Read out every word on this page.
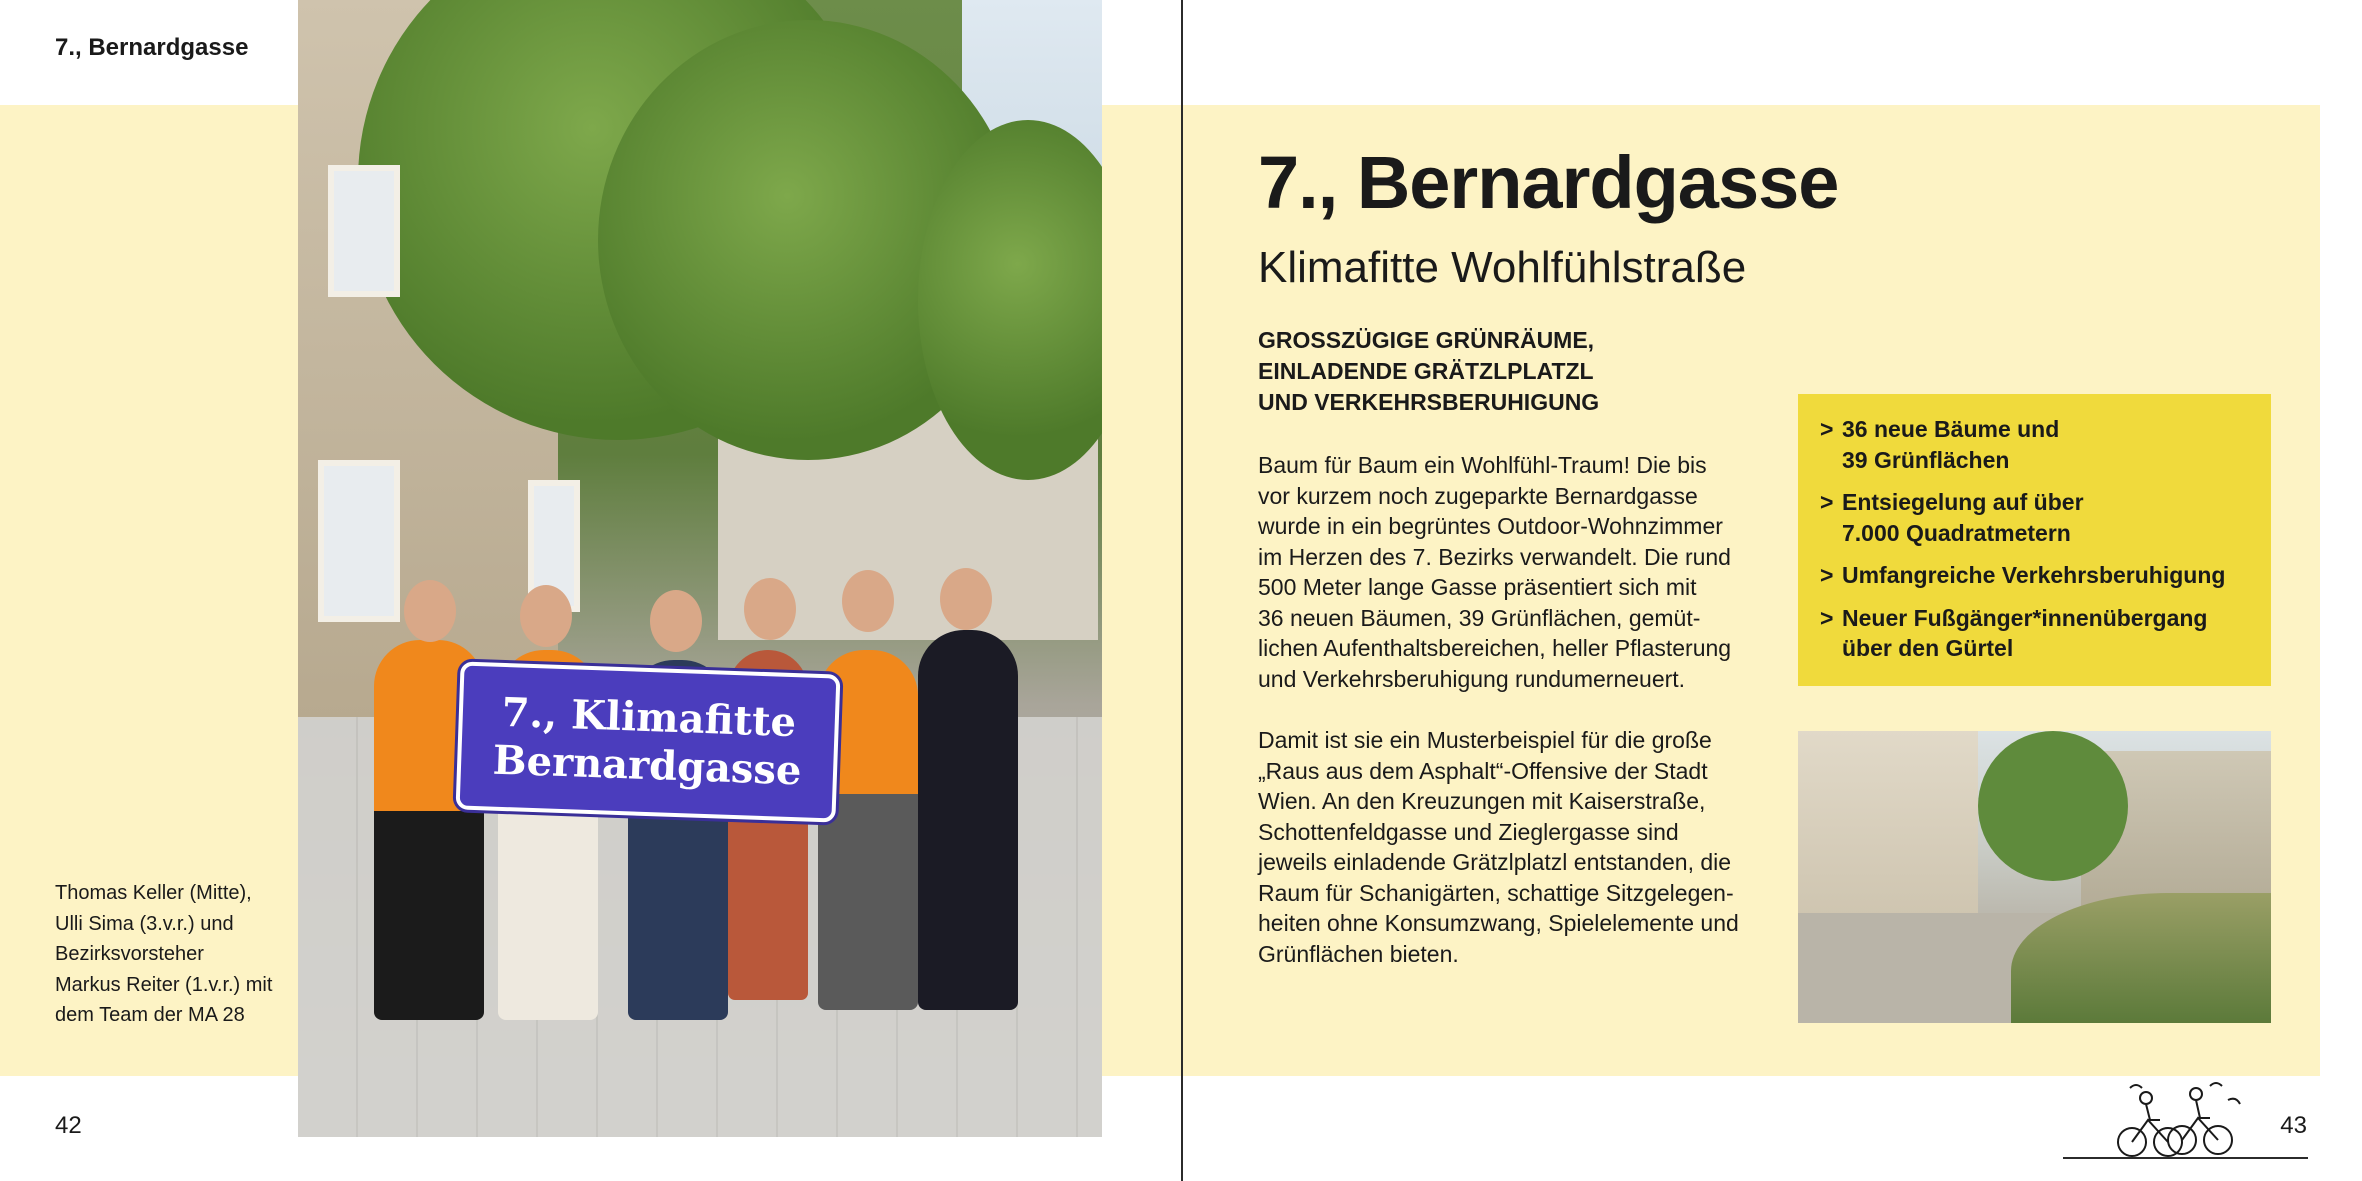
7., Bernardgasse
7., Klimafitte
Bernardgasse
Thomas Keller (Mitte),
Ulli Sima (3.v.r.) und
Bezirksvorsteher
Markus Reiter (1.v.r.) mit
dem Team der MA 28
42
7., Bernardgasse
Klimafitte Wohlfühlstraße
GROSSZÜGIGE GRÜNRÄUME,
EINLADENDE GRÄTZLPLATZL
UND VERKEHRSBERUHIGUNG
Baum für Baum ein Wohlfühl-Traum! Die bis
vor kurzem noch zugeparkte Bernardgasse
wurde in ein begrüntes Outdoor-Wohnzimmer
im Herzen des 7. Bezirks verwandelt. Die rund
500 Meter lange Gasse präsentiert sich mit
36 neuen Bäumen, 39 Grünflächen, gemüt-
lichen Aufenthaltsbereichen, heller Pflasterung
und Verkehrsberuhigung rundumerneuert.
Damit ist sie ein Musterbeispiel für die große
„Raus aus dem Asphalt“-Offensive der Stadt
Wien. An den Kreuzungen mit Kaiserstraße,
Schottenfeldgasse und Zieglergasse sind
jeweils einladende Grätzlplatzl entstanden, die
Raum für Schanigärten, schattige Sitzgelegen-
heiten ohne Konsumzwang, Spielelemente und
Grünflächen bieten.
> 36 neue Bäume und
39 Grünflächen
> Entsiegelung auf über
7.000 Quadratmetern
> Umfangreiche Verkehrsberuhigung
> Neuer Fußgänger*innenübergang
über den Gürtel
43
